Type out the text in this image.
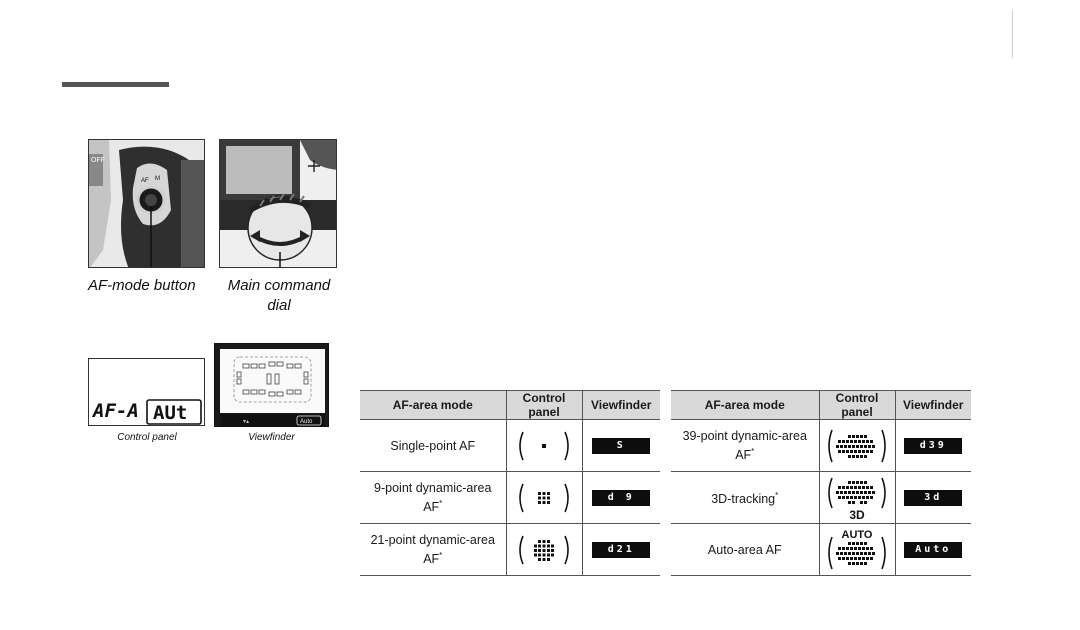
OFF
AF M
AF-mode button	Main command
dial
AF-A AUt
Control panel
▾▴	Auto
Viewfinder
AF-area mode	Control panel	Viewfinder
Single-point AF		S
9-point dynamic-area AF*		d 9
21-point dynamic-area AF*		d21
AF-area mode	Control panel	Viewfinder
39-point dynamic-area AF*		d39
3D-tracking*	3D	3d
Auto-area AF	AUTO	Auto
